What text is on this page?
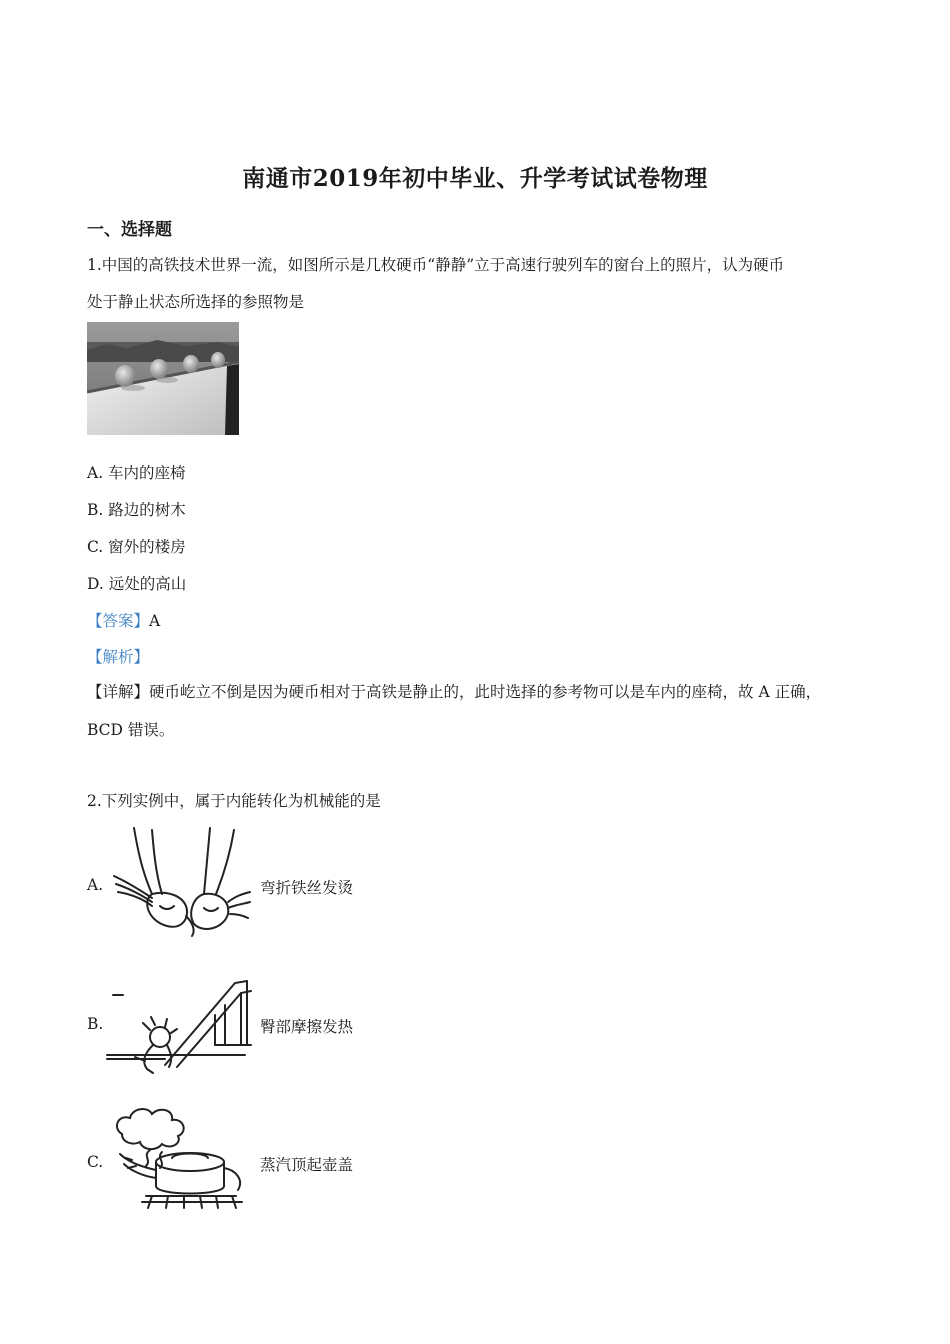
南通市2019年初中毕业、升学考试试卷物理
一、选择题
1.中国的高铁技术世界一流，如图所示是几枚硬币“静静”立于高速行驶列车的窗台上的照片，认为硬币
处于静止状态所选择的参照物是
A. 车内的座椅
B. 路边的树木
C. 窗外的楼房
D. 远处的高山
【答案】A
【解析】
【详解】硬币屹立不倒是因为硬币相对于高铁是静止的，此时选择的参考物可以是车内的座椅，故 A 正确，
BCD 错误。
2.下列实例中，属于内能转化为机械能的是
A.	弯折铁丝发烫
B.	臀部摩擦发热
C.	蒸汽顶起壶盖
